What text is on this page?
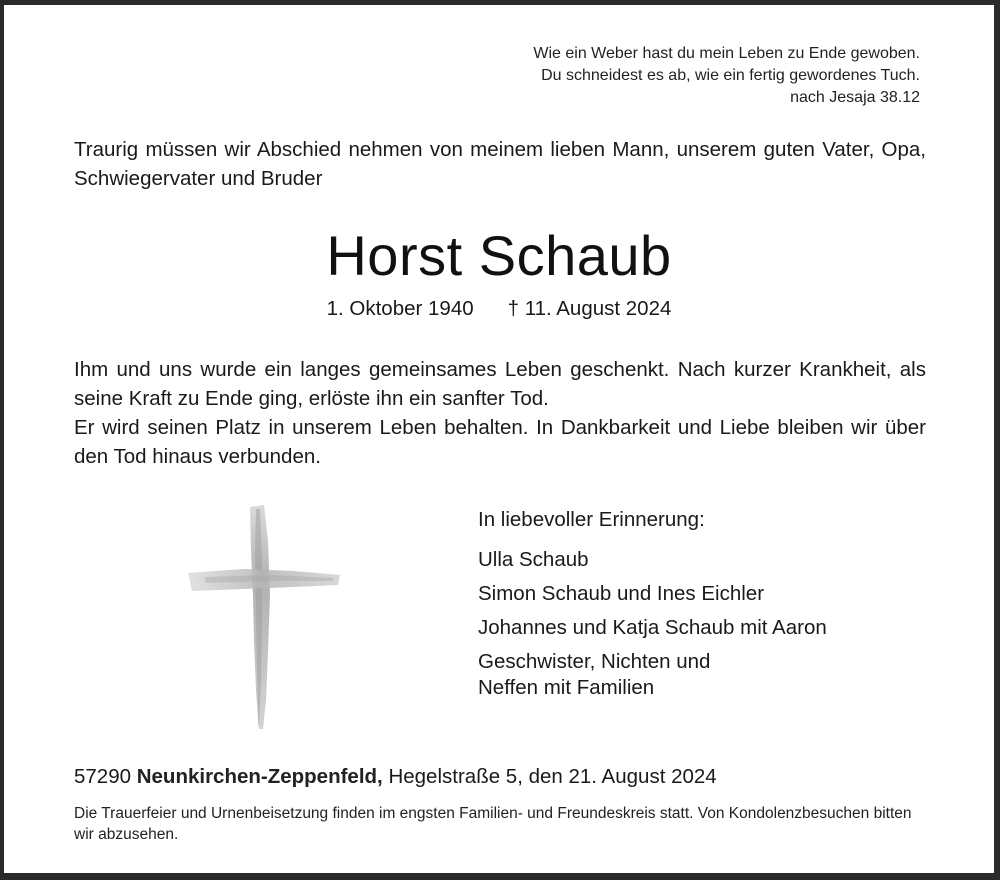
Wie ein Weber hast du mein Leben zu Ende gewoben.
Du schneidest es ab, wie ein fertig gewordenes Tuch.
nach Jesaja 38.12
Traurig müssen wir Abschied nehmen von meinem lieben Mann, unserem guten Vater, Opa, Schwiegervater und Bruder
Horst Schaub
1. Oktober 1940 † 11. August 2024

Ihm und uns wurde ein langes gemeinsames Leben geschenkt. Nach kurzer Krankheit, als seine Kraft zu Ende ging, erlöste ihn ein sanfter Tod.

Er wird seinen Platz in unserem Leben behalten. In Dankbarkeit und Liebe bleiben wir über den Tod hinaus verbunden.

In liebevoller Erinnerung:
Ulla Schaub
Simon Schaub und Ines Eichler
Johannes und Katja Schaub mit Aaron
Geschwister, Nichten und Neffen mit Familien
57290 Neunkirchen-Zeppenfeld, Hegelstraße 5, den 21. August 2024
Die Trauerfeier und Urnenbeisetzung finden im engsten Familien- und Freundeskreis statt. Von Kondolenzbesuchen bitten wir abzusehen.
